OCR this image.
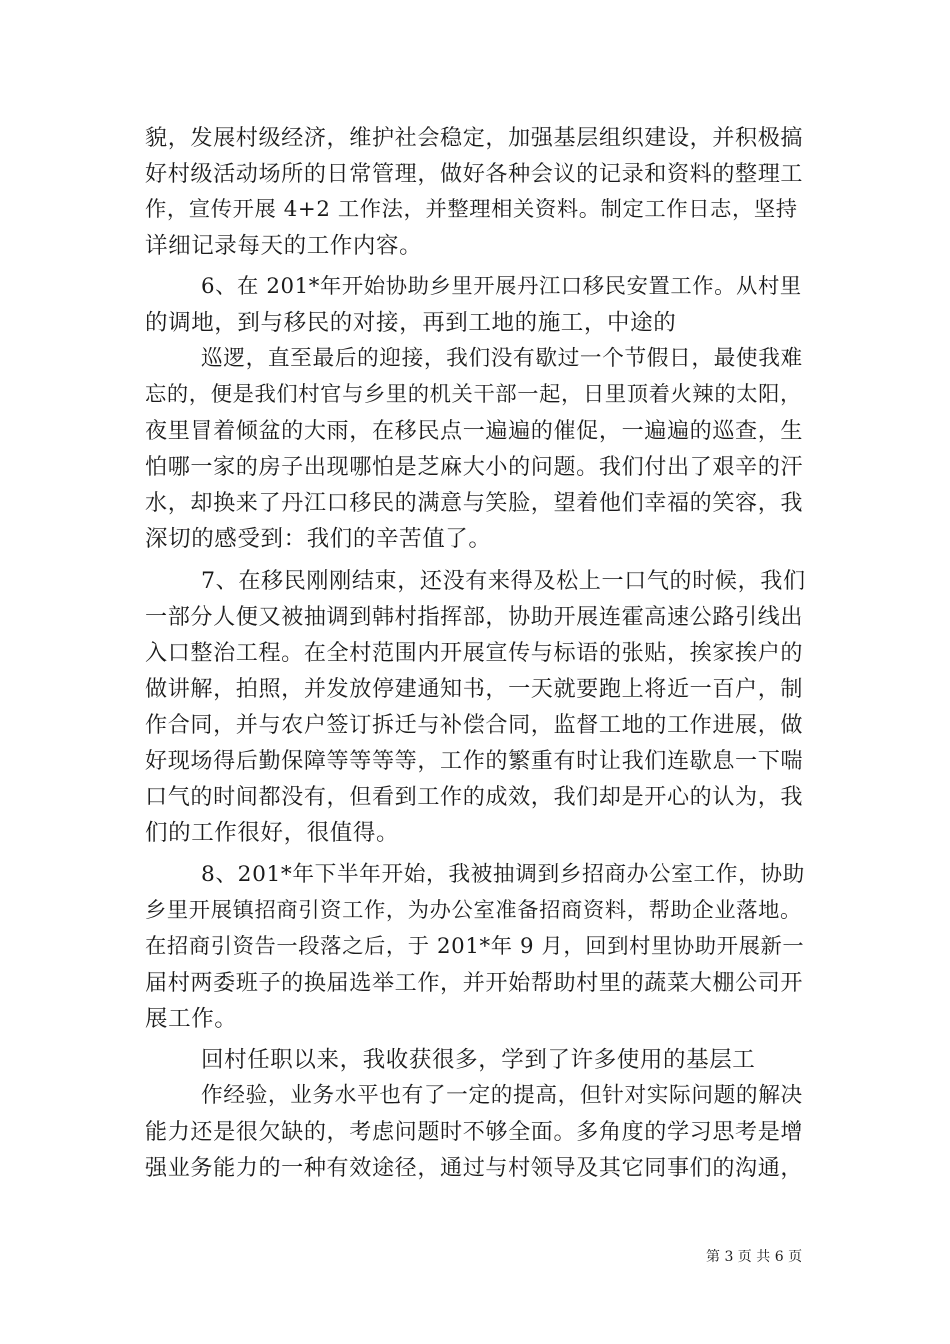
貌，发展村级经济，维护社会稳定，加强基层组织建设，并积极搞
好村级活动场所的日常管理，做好各种会议的记录和资料的整理工
作，宣传开展 4+2 工作法，并整理相关资料。制定工作日志，坚持
详细记录每天的工作内容。
6、在 201*年开始协助乡里开展丹江口移民安置工作。从村里
的调地，到与移民的对接，再到工地的施工，中途的
巡逻，直至最后的迎接，我们没有歇过一个节假日，最使我难
忘的，便是我们村官与乡里的机关干部一起，日里顶着火辣的太阳，
夜里冒着倾盆的大雨，在移民点一遍遍的催促，一遍遍的巡查，生
怕哪一家的房子出现哪怕是芝麻大小的问题。我们付出了艰辛的汗
水，却换来了丹江口移民的满意与笑脸，望着他们幸福的笑容，我
深切的感受到：我们的辛苦值了。
7、在移民刚刚结束，还没有来得及松上一口气的时候，我们
一部分人便又被抽调到韩村指挥部，协助开展连霍高速公路引线出
入口整治工程。在全村范围内开展宣传与标语的张贴，挨家挨户的
做讲解，拍照，并发放停建通知书，一天就要跑上将近一百户，制
作合同，并与农户签订拆迁与补偿合同，监督工地的工作进展，做
好现场得后勤保障等等等等，工作的繁重有时让我们连歇息一下喘
口气的时间都没有，但看到工作的成效，我们却是开心的认为，我
们的工作很好，很值得。
8、201*年下半年开始，我被抽调到乡招商办公室工作，协助
乡里开展镇招商引资工作，为办公室准备招商资料，帮助企业落地。
在招商引资告一段落之后，于 201*年 9 月，回到村里协助开展新一
届村两委班子的换届选举工作，并开始帮助村里的蔬菜大棚公司开
展工作。
回村任职以来，我收获很多，学到了许多使用的基层工
作经验，业务水平也有了一定的提高，但针对实际问题的解决
能力还是很欠缺的，考虑问题时不够全面。多角度的学习思考是增
强业务能力的一种有效途径，通过与村领导及其它同事们的沟通，
第 3 页 共 6 页
